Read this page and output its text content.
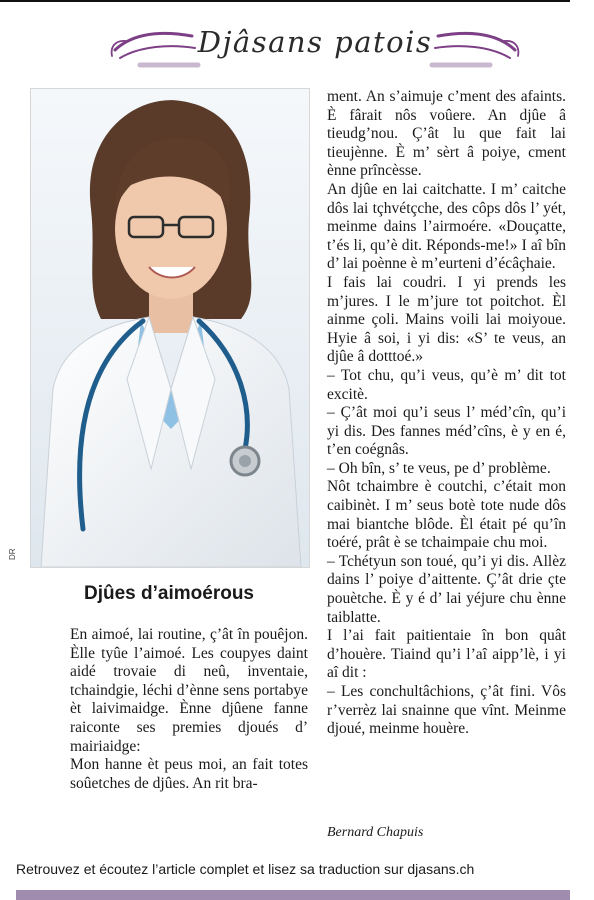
Djâsans patois
DR
Djûes d’aimoérous

En aimoé, lai routine, ç’ât în pouêjon. Èlle tyûe l’aimoé. Les coupyes daint aidé trovaie di neû, inventaie, tchaindgie, léchi d’ènne sens portabye èt laivimaidge. Ènne djûene fanne raiconte ses premies djoués d’ mairiaidge:

Mon hanne èt peus moi, an fait totes soûetches de djûes. An rit bra-

ment. An s’aimuje c’ment des afaints. È fârait nôs voûere. An djûe â tieudg’nou. Ç’ât lu que fait lai tieujènne. È m’ sèrt â poiye, cment ènne prîncèsse.

An djûe en lai caitchatte. I m’ caitche dôs lai tçhvétçche, des côps dôs l’ yét, meinme dains l’airmoére. «Douçatte, t’és li, qu’è dit. Réponds-me!» I aî bîn d’ lai poènne è m’eurteni d’écâçhaie.

I fais lai coudri. I yi prends les m’jures. I le m’jure tot poitchot. Èl ainme çoli. Mains voili lai moiyoue. Hyie â soi, i yi dis: «S’ te veus, an djûe â dotttoé.»

– Tot chu, qu’i veus, qu’è m’ dit tot excitè.

– Ç’ât moi qu’i seus l’ méd’cîn, qu’i yi dis. Des fannes méd’cîns, è y en é, t’en coégnâs.

– Oh bîn, s’ te veus, pe d’ problème.

Nôt tchaimbre è coutchi, c’était mon caibinèt. I m’ seus botè tote nude dôs mai biantche blôde. Èl était pé qu’în toéré, prât è se tchaimpaie chu moi.

– Tchétyun son toué, qu’i yi dis. Allèz dains l’ poiye d’aittente. Ç’ât drie çte pouètche. È y é d’ lai yéjure chu ènne taiblatte.

I l’ai fait paitientaie în bon quât d’houère. Tiaind qu’i l’aî aipp’lè, i yi aî dit :

– Les conchultâchions, ç’ât fini. Vôs r’verrèz lai snainne que vînt. Meinme djoué, meinme houère.

Bernard Chapuis
Retrouvez et écoutez l’article complet et lisez sa traduction sur djasans.ch
